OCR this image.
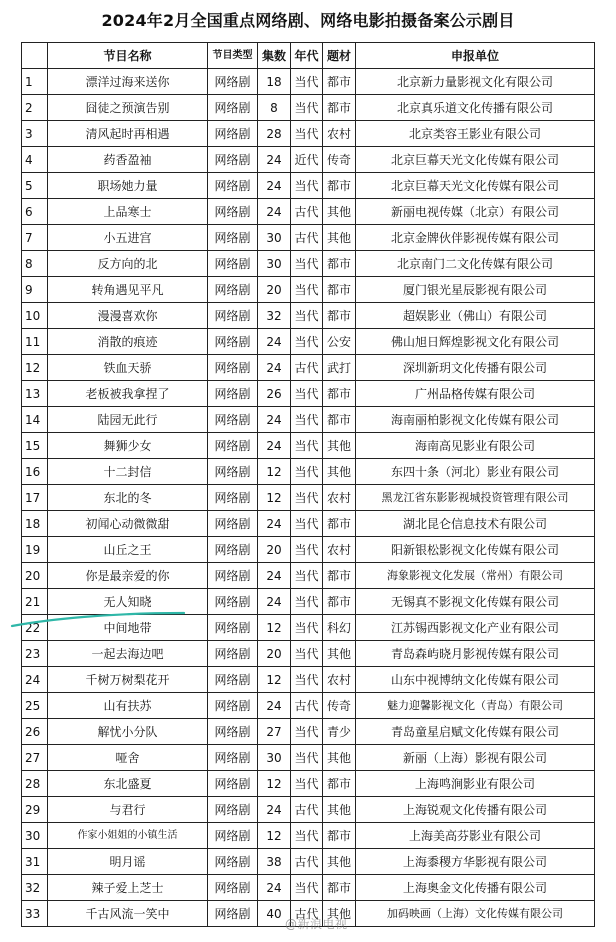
2024年2月全国重点网络剧、网络电影拍摄备案公示剧目
	节目名称	节目类型	集数	年代	题材	申报单位
1	漂洋过海来送你	网络剧	18	当代	都市	北京新力量影视文化有限公司
2	囧徒之预演告别	网络剧	8	当代	都市	北京真乐道文化传播有限公司
3	清风起时再相遇	网络剧	28	当代	农村	北京类容王影业有限公司
4	药香盈袖	网络剧	24	近代	传奇	北京巨幕天光文化传媒有限公司
5	职场她力量	网络剧	24	当代	都市	北京巨幕天光文化传媒有限公司
6	上品寒士	网络剧	24	古代	其他	新丽电视传媒（北京）有限公司
7	小五进宫	网络剧	30	古代	其他	北京金牌伙伴影视传媒有限公司
8	反方向的北	网络剧	30	当代	都市	北京南门二文化传媒有限公司
9	转角遇见平凡	网络剧	20	当代	都市	厦门银光星辰影视有限公司
10	漫漫喜欢你	网络剧	32	当代	都市	超娱影业（佛山）有限公司
11	消散的痕迹	网络剧	24	当代	公安	佛山旭日辉煌影视文化有限公司
12	铁血天骄	网络剧	24	古代	武打	深圳新玥文化传播有限公司
13	老板被我拿捏了	网络剧	26	当代	都市	广州品格传媒有限公司
14	陆园无此行	网络剧	24	当代	都市	海南丽柏影视文化传媒有限公司
15	舞狮少女	网络剧	24	当代	其他	海南高见影业有限公司
16	十二封信	网络剧	12	当代	其他	东四十条（河北）影业有限公司
17	东北的冬	网络剧	12	当代	农村	黑龙江省东影影视城投资管理有限公司
18	初闻心动微微甜	网络剧	24	当代	都市	湖北昆仑信息技术有限公司
19	山丘之王	网络剧	20	当代	农村	阳新银松影视文化传媒有限公司
20	你是最亲爱的你	网络剧	24	当代	都市	海象影视文化发展（常州）有限公司
21	无人知晓	网络剧	24	当代	都市	无锡真不影视文化传媒有限公司
22	中间地带	网络剧	12	当代	科幻	江苏锡西影视文化产业有限公司
23	一起去海边吧	网络剧	20	当代	其他	青岛森屿晓月影视传媒有限公司
24	千树万树梨花开	网络剧	12	当代	农村	山东中视博纳文化传媒有限公司
25	山有扶苏	网络剧	24	古代	传奇	魅力迎馨影视文化（青岛）有限公司
26	解忧小分队	网络剧	27	当代	青少	青岛童星启赋文化传媒有限公司
27	哑舍	网络剧	30	当代	其他	新丽（上海）影视有限公司
28	东北盛夏	网络剧	12	当代	都市	上海鸣涧影业有限公司
29	与君行	网络剧	24	古代	其他	上海锐观文化传播有限公司
30	作家小姐姐的小镇生活	网络剧	12	当代	都市	上海美高芬影业有限公司
31	明月谣	网络剧	38	古代	其他	上海黍稷方华影视有限公司
32	辣子爱上芝士	网络剧	24	当代	都市	上海奥金文化传播有限公司
33	千古风流一笑中	网络剧	40	古代	其他	加码映画（上海）文化传媒有限公司
@新浪电视
